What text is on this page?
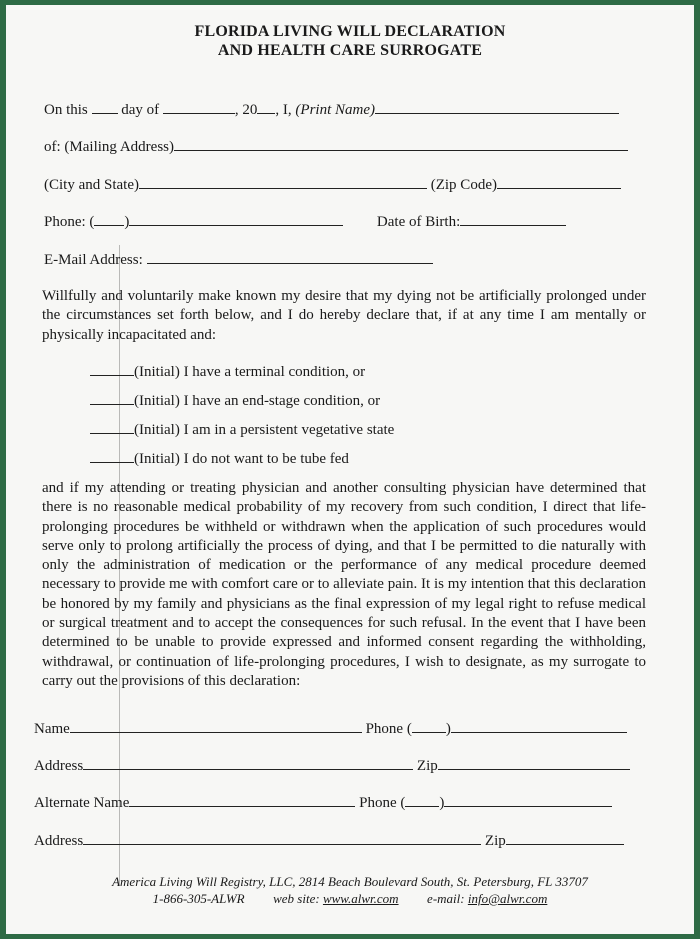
FLORIDA LIVING WILL DECLARATION
AND HEALTH CARE SURROGATE
On this day of	, 20 , I, (Print Name)
of: (Mailing Address)
(City and State)	(Zip Code)
Phone: ( )	Date of Birth:
E-Mail Address:

Willfully and voluntarily make known my desire that my dying not be artificially prolonged under the circumstances set forth below, and I do hereby declare that, if at any time I am mentally or physically incapacitated and:

(Initial) I have a terminal condition, or
(Initial) I have an end-stage condition, or
(Initial) I am in a persistent vegetative state
(Initial) I do not want to be tube fed

and if my attending or treating physician and another consulting physician have determined that there is no reasonable medical probability of my recovery from such condition, I direct that life-prolonging procedures be withheld or withdrawn when the application of such procedures would serve only to prolong artificially the process of dying, and that I be permitted to die naturally with only the administration of medication or the performance of any medical procedure deemed necessary to provide me with comfort care or to alleviate pain. It is my intention that this declaration be honored by my family and physicians as the final expression of my legal right to refuse medical or surgical treatment and to accept the consequences for such refusal. In the event that I have been determined to be unable to provide expressed and informed consent regarding the withholding, withdrawal, or continuation of life-prolonging procedures, I wish to designate, as my surrogate to carry out the provisions of this declaration:

Name	Phone ( )
Address	Zip
Alternate Name	Phone ( )
Address	Zip
America Living Will Registry, LLC, 2814 Beach Boulevard South, St. Petersburg, FL 33707
1-866-305-ALWR web site: www.alwr.com e-mail: info@alwr.com
